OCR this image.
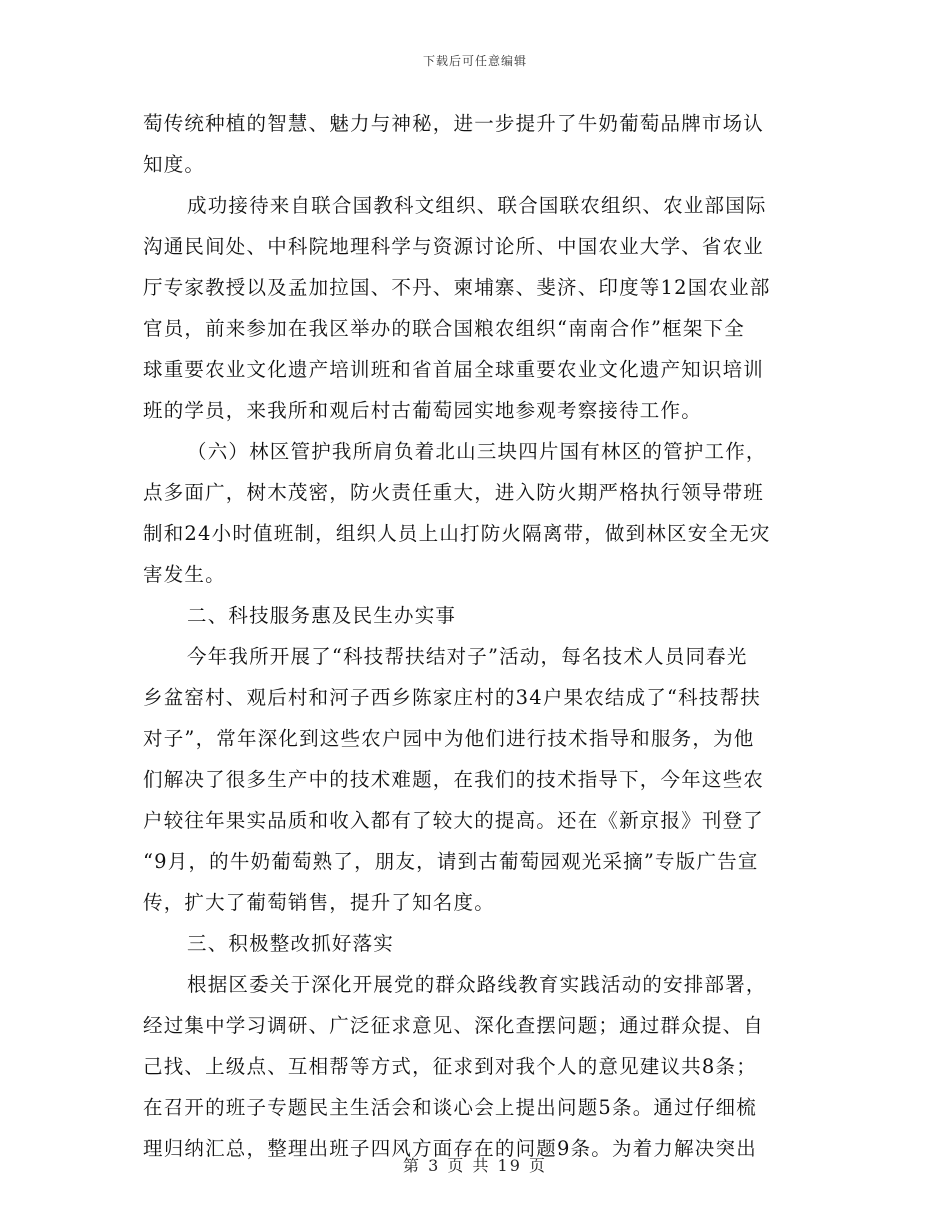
下载后可任意编辑
萄传统种植的智慧、魅力与神秘，进一步提升了牛奶葡萄品牌市场认
知度。
成功接待来自联合国教科文组织、联合国联农组织、农业部国际
沟通民间处、中科院地理科学与资源讨论所、中国农业大学、省农业
厅专家教授以及孟加拉国、不丹、柬埔寨、斐济、印度等12国农业部
官员，前来参加在我区举办的联合国粮农组织“南南合作”框架下全
球重要农业文化遗产培训班和省首届全球重要农业文化遗产知识培训
班的学员，来我所和观后村古葡萄园实地参观考察接待工作。
（六）林区管护我所肩负着北山三块四片国有林区的管护工作，
点多面广，树木茂密，防火责任重大，进入防火期严格执行领导带班
制和24小时值班制，组织人员上山打防火隔离带，做到林区安全无灾
害发生。
二、科技服务惠及民生办实事
今年我所开展了“科技帮扶结对子”活动，每名技术人员同春光
乡盆窑村、观后村和河子西乡陈家庄村的34户果农结成了“科技帮扶
对子”，常年深化到这些农户园中为他们进行技术指导和服务，为他
们解决了很多生产中的技术难题，在我们的技术指导下，今年这些农
户较往年果实品质和收入都有了较大的提高。还在《新京报》刊登了
“9月，的牛奶葡萄熟了，朋友，请到古葡萄园观光采摘”专版广告宣
传，扩大了葡萄销售，提升了知名度。
三、积极整改抓好落实
根据区委关于深化开展党的群众路线教育实践活动的安排部署，
经过集中学习调研、广泛征求意见、深化查摆问题；通过群众提、自
己找、上级点、互相帮等方式，征求到对我个人的意见建议共8条；
在召开的班子专题民主生活会和谈心会上提出问题5条。通过仔细梳
理归纳汇总，整理出班子四风方面存在的问题9条。为着力解决突出
第 3 页 共 19 页
